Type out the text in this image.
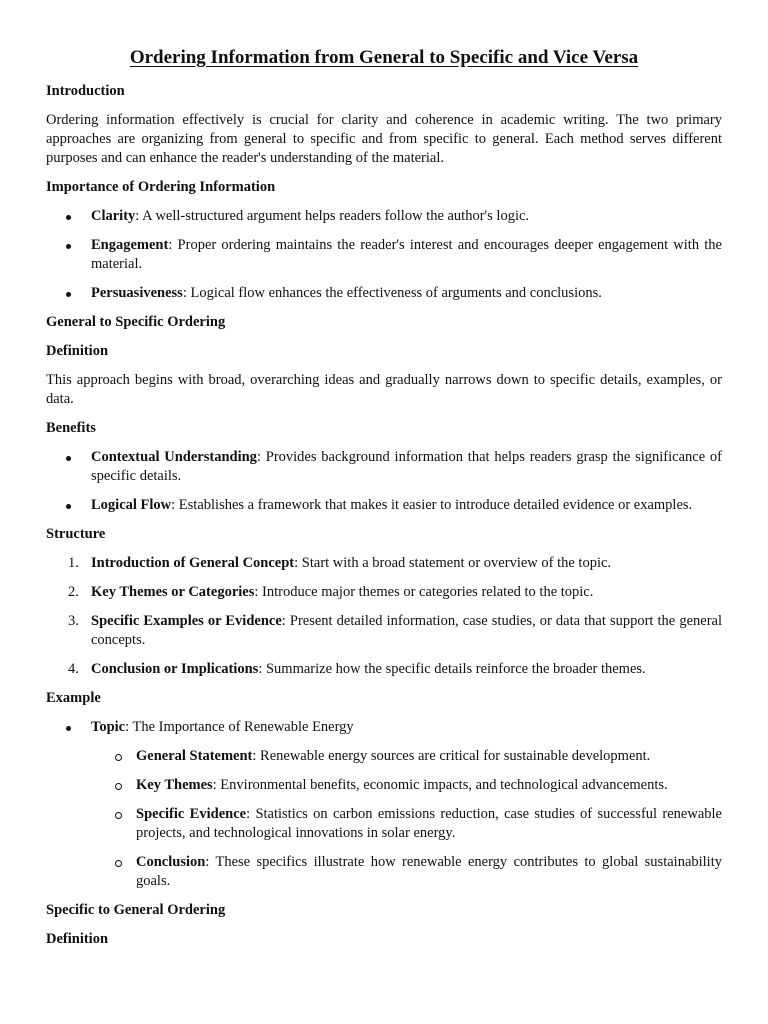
Ordering Information from General to Specific and Vice Versa
Introduction

Ordering information effectively is crucial for clarity and coherence in academic writing. The two primary approaches are organizing from general to specific and from specific to general. Each method serves different purposes and can enhance the reader's understanding of the material.

Importance of Ordering Information
Clarity: A well-structured argument helps readers follow the author's logic.
Engagement: Proper ordering maintains the reader's interest and encourages deeper engagement with the material.
Persuasiveness: Logical flow enhances the effectiveness of arguments and conclusions.
General to Specific Ordering
Definition

This approach begins with broad, overarching ideas and gradually narrows down to specific details, examples, or data.

Benefits
Contextual Understanding: Provides background information that helps readers grasp the significance of specific details.
Logical Flow: Establishes a framework that makes it easier to introduce detailed evidence or examples.
Structure
1. Introduction of General Concept: Start with a broad statement or overview of the topic.
2. Key Themes or Categories: Introduce major themes or categories related to the topic.
3. Specific Examples or Evidence: Present detailed information, case studies, or data that support the general concepts.
4. Conclusion or Implications: Summarize how the specific details reinforce the broader themes.
Example
Topic: The Importance of Renewable Energy
General Statement: Renewable energy sources are critical for sustainable development.
Key Themes: Environmental benefits, economic impacts, and technological advancements.
Specific Evidence: Statistics on carbon emissions reduction, case studies of successful renewable projects, and technological innovations in solar energy.
Conclusion: These specifics illustrate how renewable energy contributes to global sustainability goals.
Specific to General Ordering
Definition
